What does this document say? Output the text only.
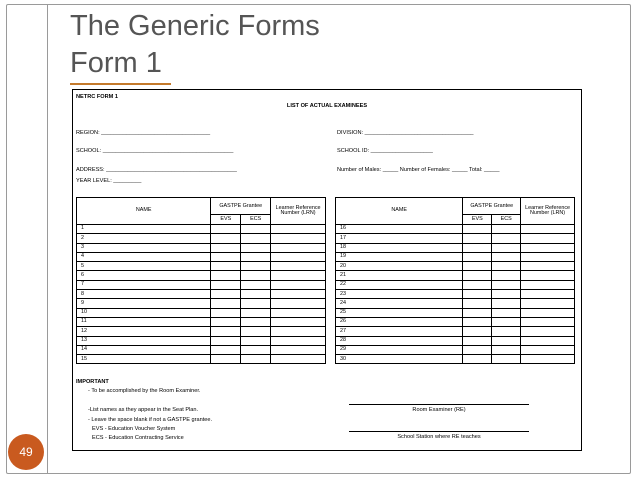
The Generic Forms
Form 1
49
NETRC FORM 1
LIST OF ACTUAL EXAMINEES
REGION: ___________________________________	DIVISION: ___________________________________
SCHOOL: __________________________________________	SCHOOL ID: ____________________
ADDRESS: __________________________________________	Number of Males: _____ Number of Females: _____ Total: _____
YEAR LEVEL: _________
NAME	GASTPE Grantee		Learner Reference Number (LRN)
	EVS	ECS	
1			
2			
3			
4			
5			
6			
7			
8			
9			
10			
11			
12			
13			
14			
15			
NAME	GASTPE Grantee		Learner Reference Number (LRN)
	EVS	ECS	
16			
17			
18			
19			
20			
21			
22			
23			
24			
25			
26			
27			
28			
29			
30			
IMPORTANT
- To be accomplished by the Room Examiner.
-List names as they appear in the Seat Plan.
- Leave the space blank if not a GASTPE grantee.
EVS - Education Voucher System
ECS - Education Contracting Service
Room Examiner (RE)
School Station where RE teaches
